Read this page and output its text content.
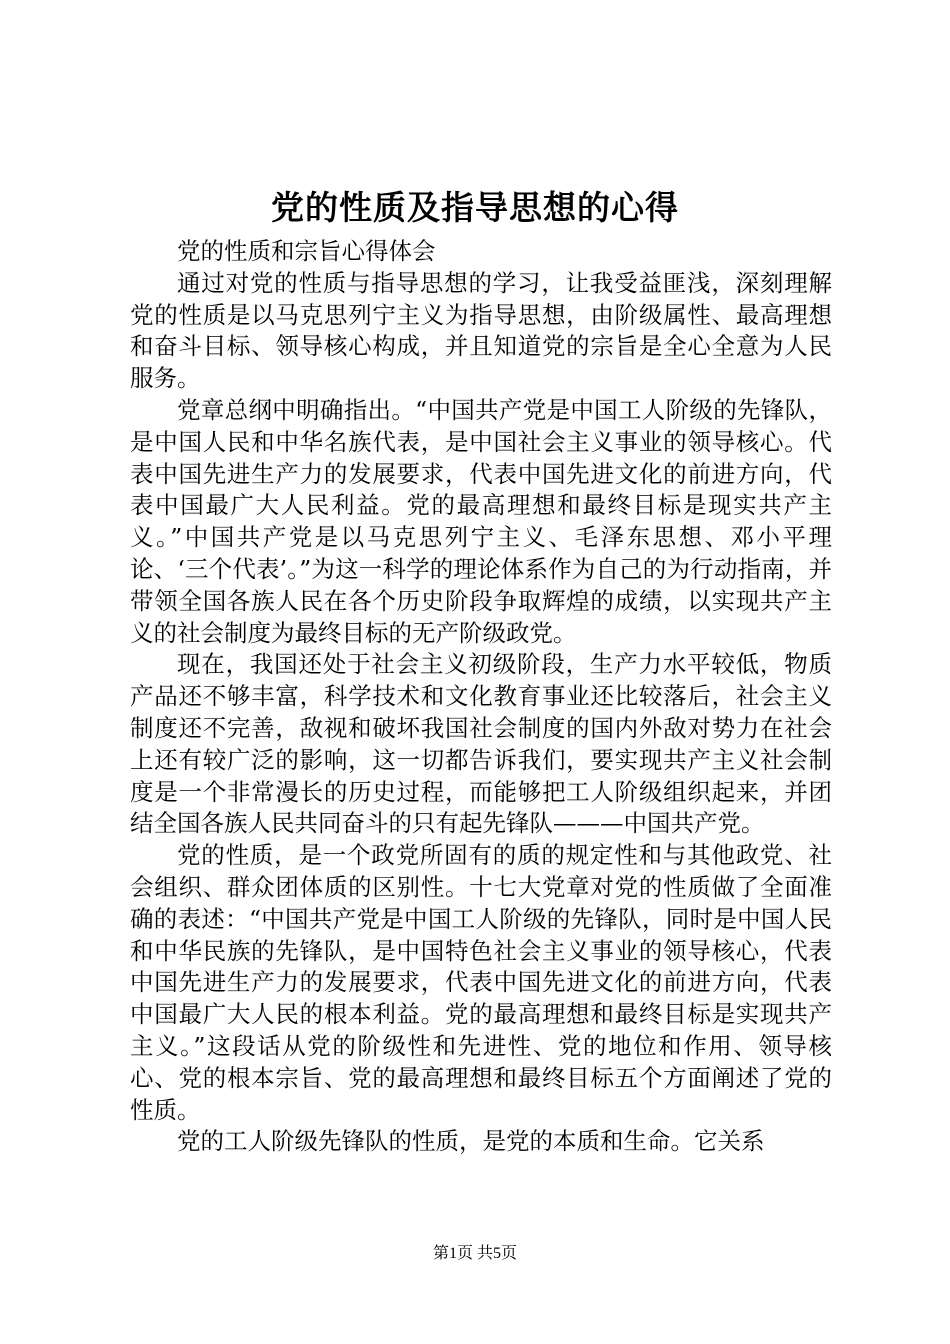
党的性质及指导思想的心得

党的性质和宗旨心得体会

通过对党的性质与指导思想的学习，让我受益匪浅，深刻理解党的性质是以马克思列宁主义为指导思想，由阶级属性、最高理想和奋斗目标、领导核心构成，并且知道党的宗旨是全心全意为人民服务。

党章总纲中明确指出。“中国共产党是中国工人阶级的先锋队，是中国人民和中华名族代表，是中国社会主义事业的领导核心。代表中国先进生产力的发展要求，代表中国先进文化的前进方向，代表中国最广大人民利益。党的最高理想和最终目标是现实共产主义。”中国共产党是以马克思列宁主义、毛泽东思想、邓小平理论、‘三个代表’。”为这一科学的理论体系作为自己的为行动指南，并带领全国各族人民在各个历史阶段争取辉煌的成绩，以实现共产主义的社会制度为最终目标的无产阶级政党。

现在，我国还处于社会主义初级阶段，生产力水平较低，物质产品还不够丰富，科学技术和文化教育事业还比较落后，社会主义制度还不完善，敌视和破坏我国社会制度的国内外敌对势力在社会上还有较广泛的影响，这一切都告诉我们，要实现共产主义社会制度是一个非常漫长的历史过程，而能够把工人阶级组织起来，并团结全国各族人民共同奋斗的只有起先锋队———中国共产党。

党的性质，是一个政党所固有的质的规定性和与其他政党、社会组织、群众团体质的区别性。十七大党章对党的性质做了全面准确的表述：“中国共产党是中国工人阶级的先锋队，同时是中国人民和中华民族的先锋队，是中国特色社会主义事业的领导核心，代表中国先进生产力的发展要求，代表中国先进文化的前进方向，代表中国最广大人民的根本利益。党的最高理想和最终目标是实现共产主义。”这段话从党的阶级性和先进性、党的地位和作用、领导核心、党的根本宗旨、党的最高理想和最终目标五个方面阐述了党的性质。

党的工人阶级先锋队的性质，是党的本质和生命。它关系

第1页 共5页
